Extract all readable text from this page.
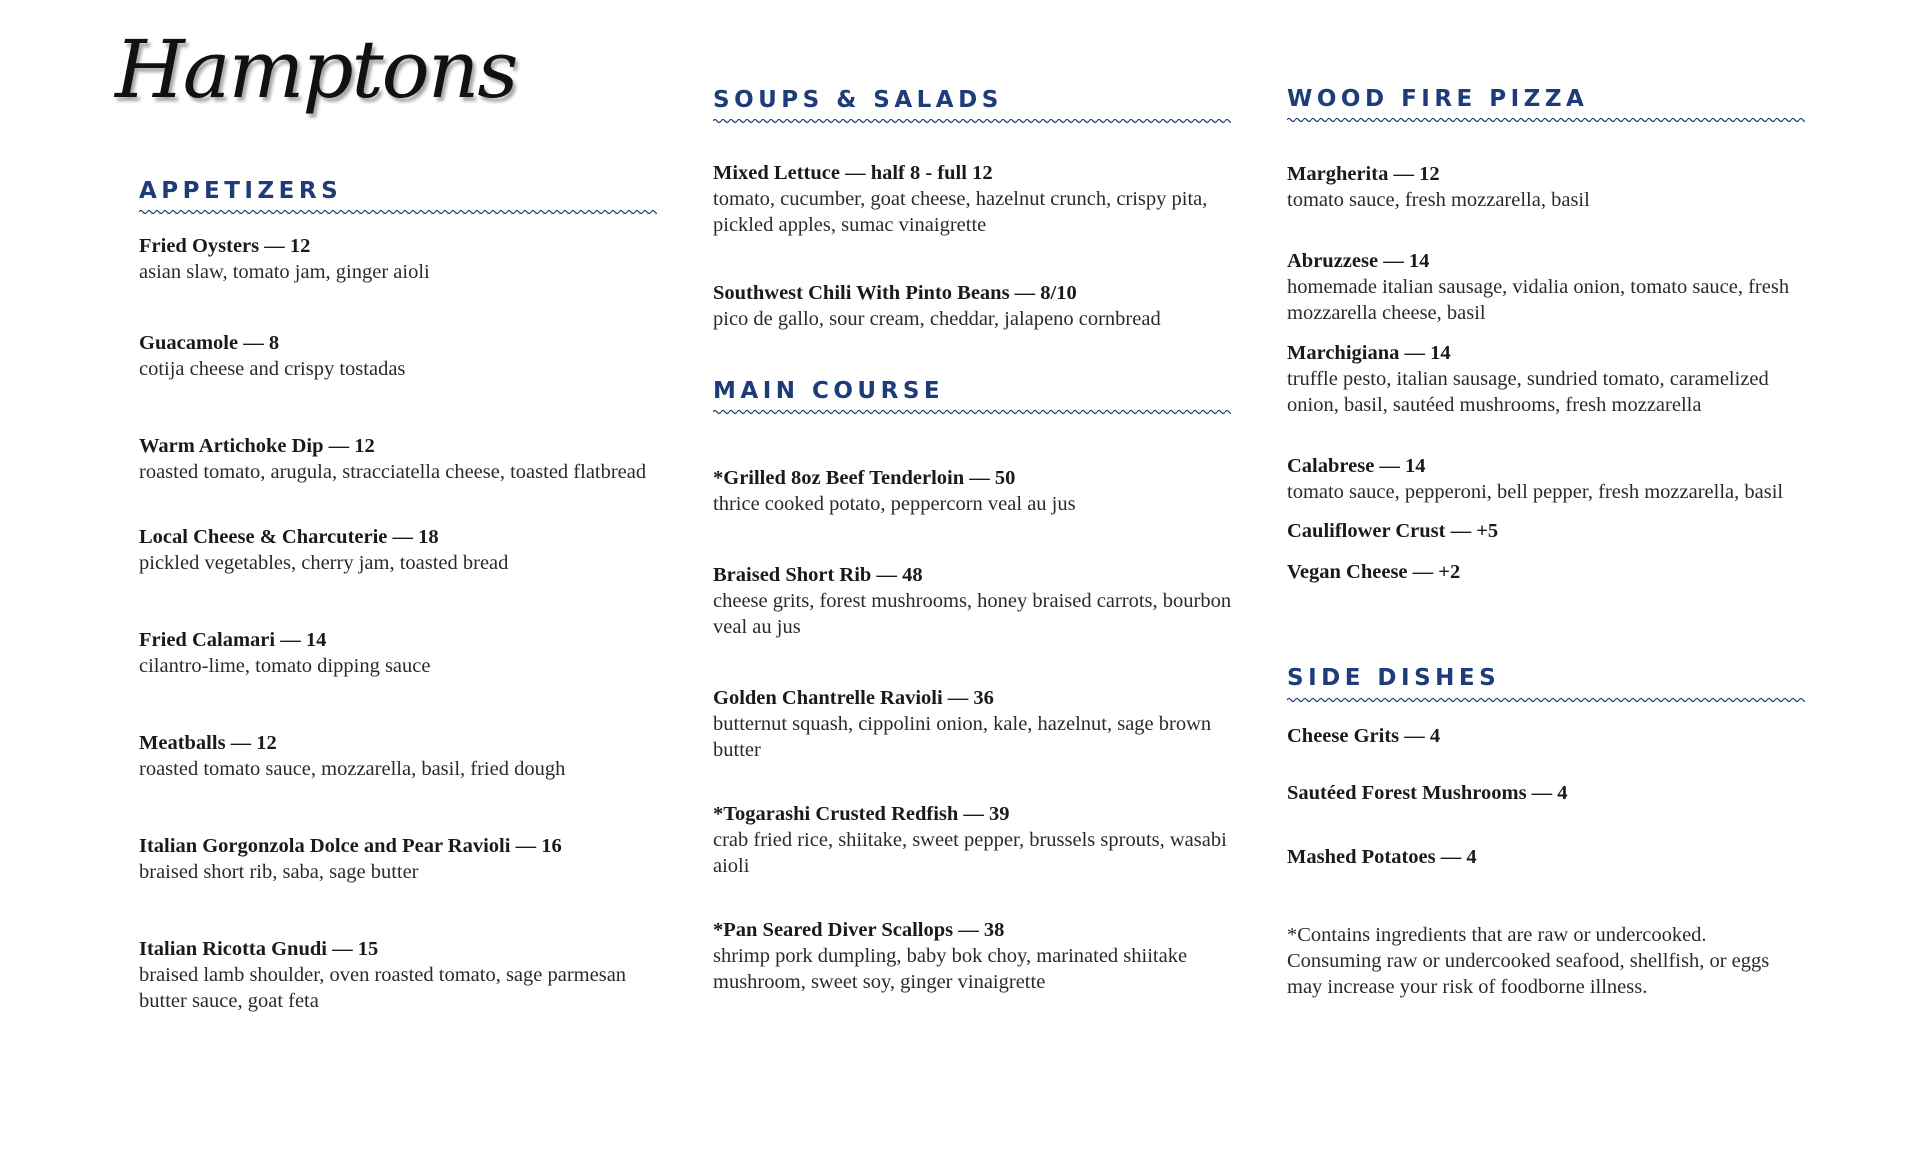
Hamptons
APPETIZERS
Fried Oysters — 12
asian slaw, tomato jam, ginger aioli
Guacamole — 8
cotija cheese and crispy tostadas
Warm Artichoke Dip — 12
roasted tomato, arugula, stracciatella cheese, toasted flatbread
Local Cheese & Charcuterie — 18
pickled vegetables, cherry jam, toasted bread
Fried Calamari — 14
cilantro-lime, tomato dipping sauce
Meatballs — 12
roasted tomato sauce, mozzarella, basil, fried dough
Italian Gorgonzola Dolce and Pear Ravioli — 16
braised short rib, saba, sage butter
Italian Ricotta Gnudi — 15
braised lamb shoulder, oven roasted tomato, sage parmesan butter sauce, goat feta
SOUPS & SALADS
Mixed Lettuce — half 8 - full 12
tomato, cucumber, goat cheese, hazelnut crunch, crispy pita, pickled apples, sumac vinaigrette
Southwest Chili With Pinto Beans — 8/10
pico de gallo, sour cream, cheddar, jalapeno cornbread
MAIN COURSE
*Grilled 8oz Beef Tenderloin — 50
thrice cooked potato, peppercorn veal au jus
Braised Short Rib — 48
cheese grits, forest mushrooms, honey braised carrots, bourbon veal au jus
Golden Chantrelle Ravioli — 36
butternut squash, cippolini onion, kale, hazelnut, sage brown butter
*Togarashi Crusted Redfish — 39
crab fried rice, shiitake, sweet pepper, brussels sprouts, wasabi aioli
*Pan Seared Diver Scallops — 38
shrimp pork dumpling, baby bok choy, marinated shiitake mushroom, sweet soy, ginger vinaigrette
WOOD FIRE PIZZA
Margherita — 12
tomato sauce, fresh mozzarella, basil
Abruzzese — 14
homemade italian sausage, vidalia onion, tomato sauce, fresh mozzarella cheese, basil
Marchigiana — 14
truffle pesto, italian sausage, sundried tomato, caramelized onion, basil, sautéed mushrooms, fresh mozzarella
Calabrese — 14
tomato sauce, pepperoni, bell pepper, fresh mozzarella, basil
Cauliflower Crust — +5
Vegan Cheese — +2
SIDE DISHES
Cheese Grits — 4
Sautéed Forest Mushrooms — 4
Mashed Potatoes — 4
*Contains ingredients that are raw or undercooked. Consuming raw or undercooked seafood, shellfish, or eggs may increase your risk of foodborne illness.
